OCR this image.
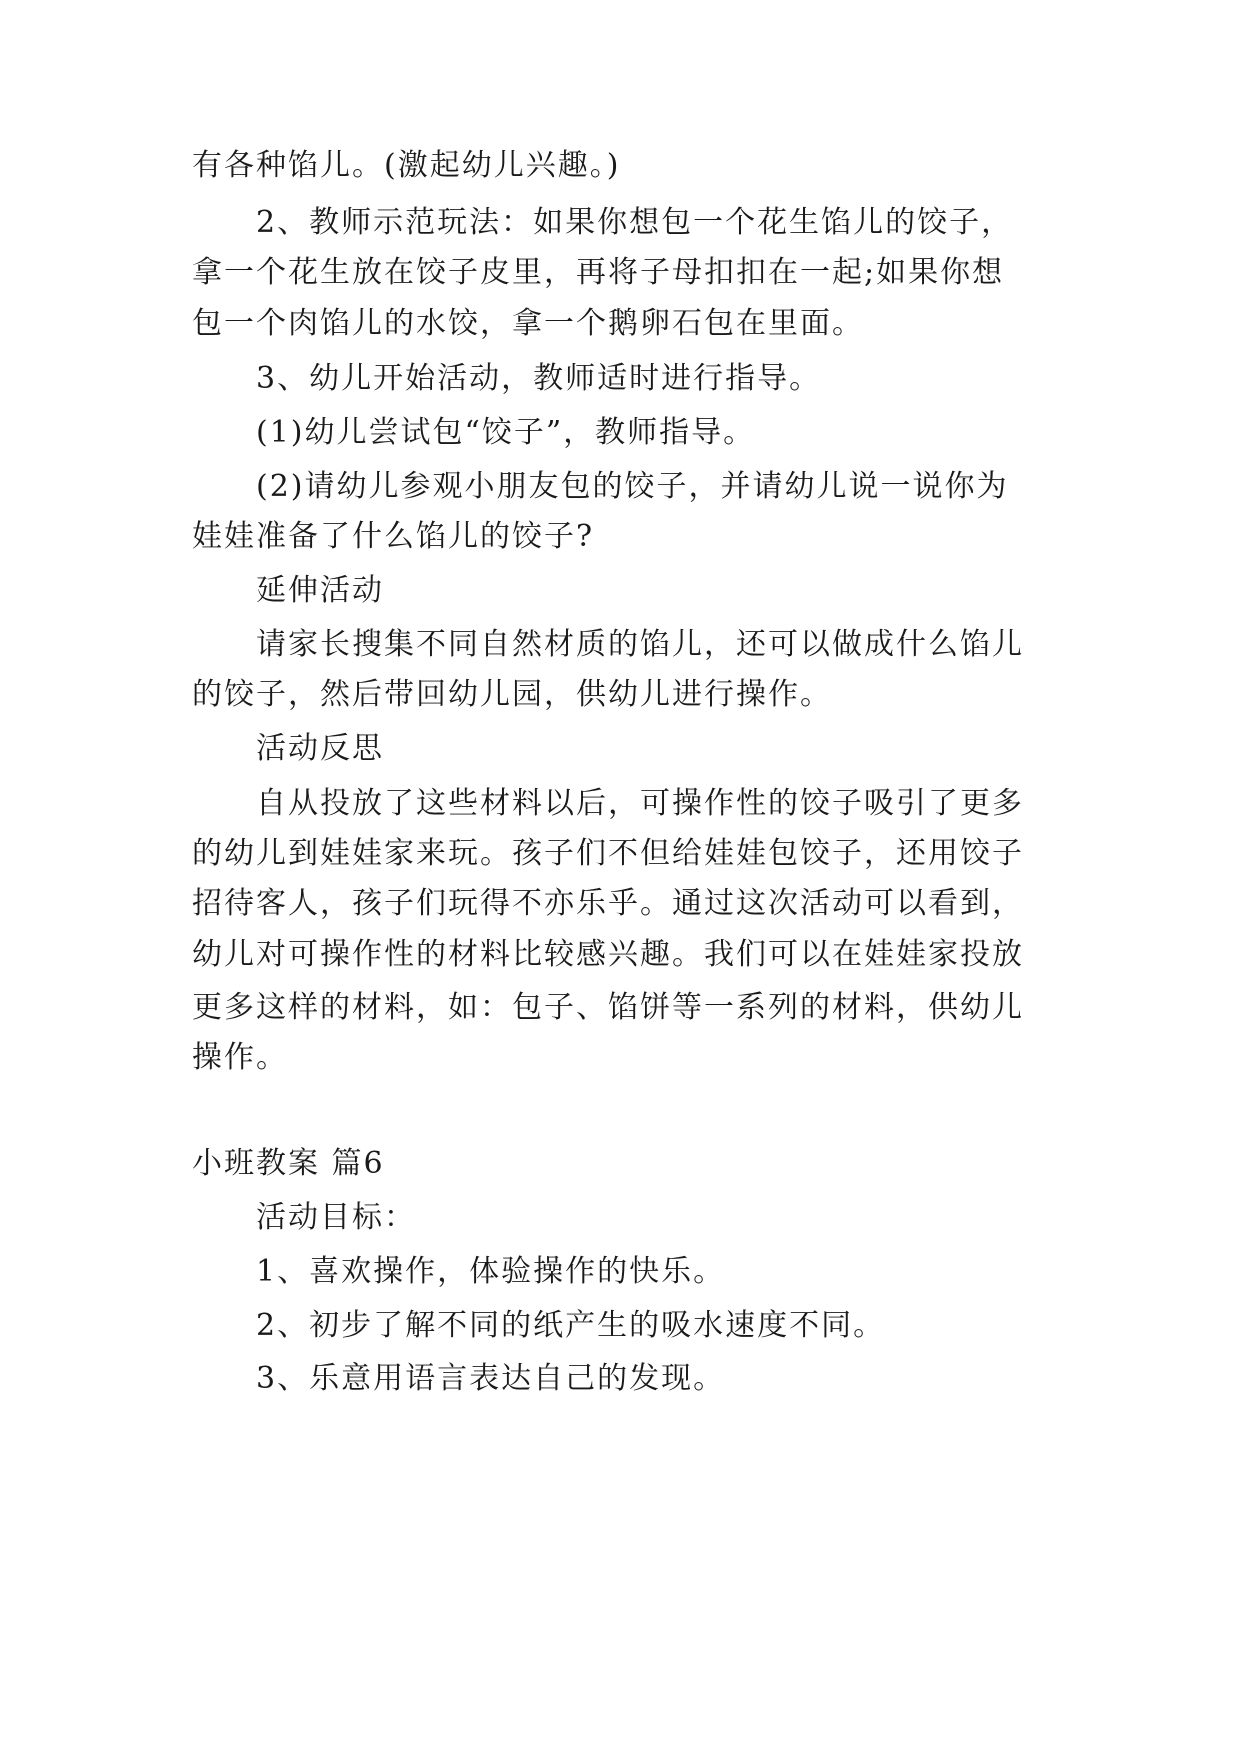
有各种馅儿。(激起幼儿兴趣。)
2、教师示范玩法：如果你想包一个花生馅儿的饺子，
拿一个花生放在饺子皮里，再将子母扣扣在一起;如果你想
包一个肉馅儿的水饺，拿一个鹅卵石包在里面。
3、幼儿开始活动，教师适时进行指导。
(1)幼儿尝试包“饺子”，教师指导。
(2)请幼儿参观小朋友包的饺子，并请幼儿说一说你为
娃娃准备了什么馅儿的饺子?
延伸活动
请家长搜集不同自然材质的馅儿，还可以做成什么馅儿
的饺子，然后带回幼儿园，供幼儿进行操作。
活动反思
自从投放了这些材料以后，可操作性的饺子吸引了更多
的幼儿到娃娃家来玩。孩子们不但给娃娃包饺子，还用饺子
招待客人，孩子们玩得不亦乐乎。通过这次活动可以看到，
幼儿对可操作性的材料比较感兴趣。我们可以在娃娃家投放
更多这样的材料，如：包子、馅饼等一系列的材料，供幼儿
操作。
小班教案 篇6
活动目标：
1、喜欢操作，体验操作的快乐。
2、初步了解不同的纸产生的吸水速度不同。
3、乐意用语言表达自己的发现。
